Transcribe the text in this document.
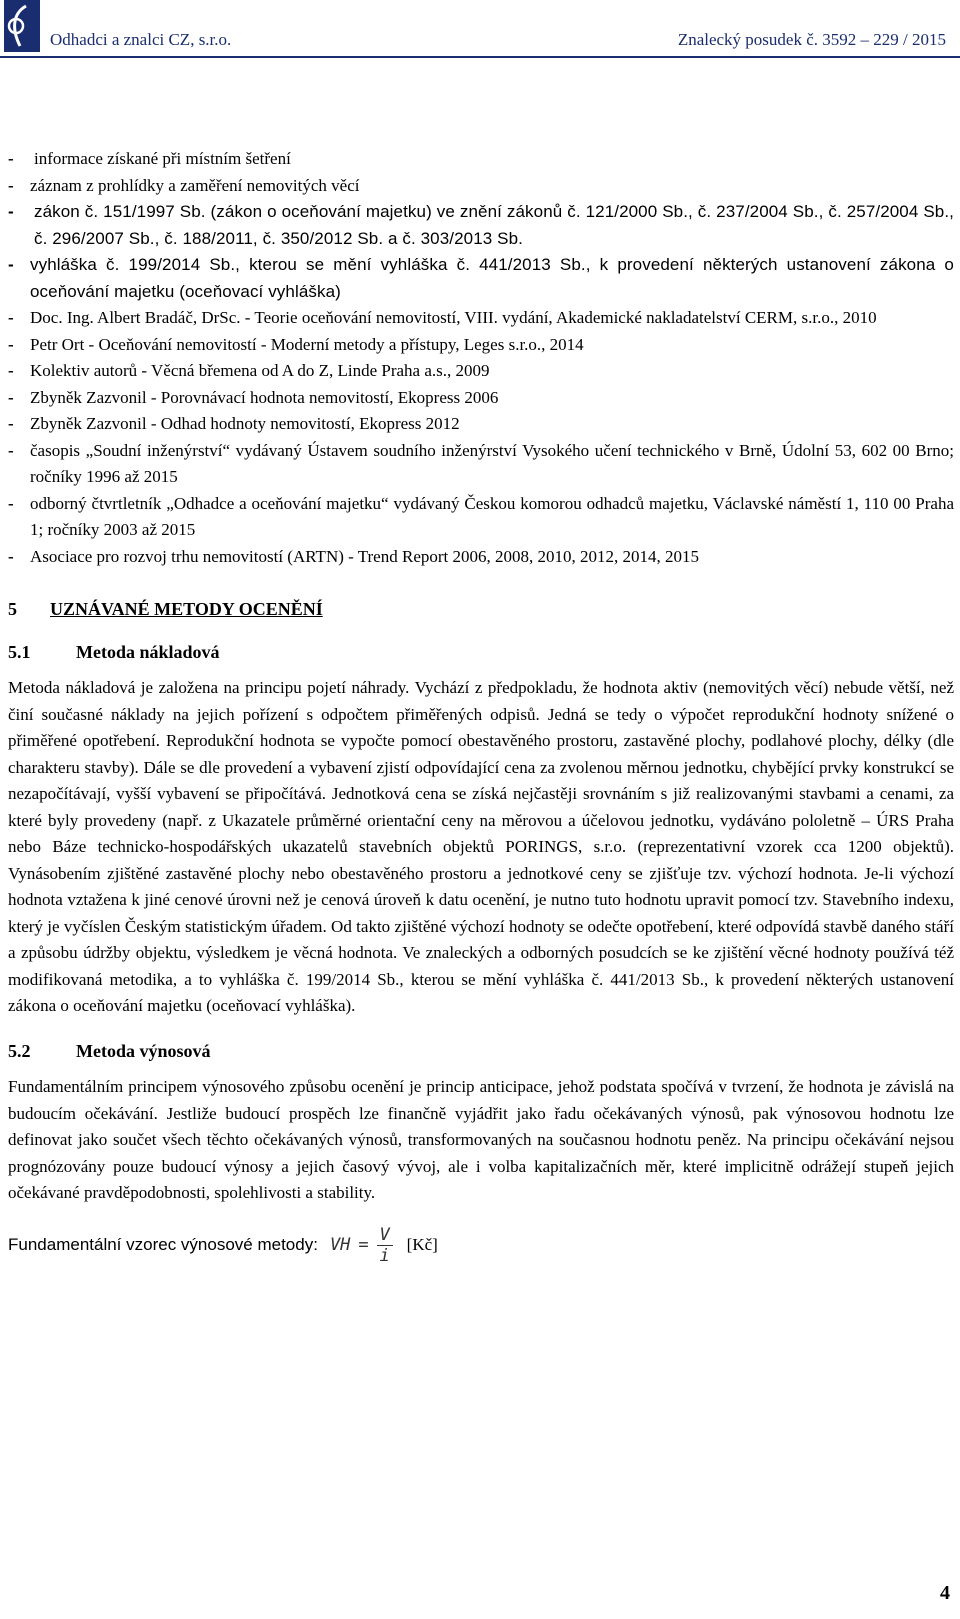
Odhadci a znalci CZ, s.r.o.	Znalecký posudek č. 3592 – 229 / 2015
- informace získané při místním šetření
- záznam z prohlídky a zaměření nemovitých věcí
- zákon č. 151/1997 Sb. (zákon o oceňování majetku) ve znění zákonů č. 121/2000 Sb., č. 237/2004 Sb., č. 257/2004 Sb., č. 296/2007 Sb., č. 188/2011, č. 350/2012 Sb. a č. 303/2013 Sb.
- vyhláška č. 199/2014 Sb., kterou se mění vyhláška č. 441/2013 Sb., k provedení některých ustanovení zákona o oceňování majetku (oceňovací vyhláška)
- Doc. Ing. Albert Bradáč, DrSc. - Teorie oceňování nemovitostí, VIII. vydání, Akademické nakladatelství CERM, s.r.o., 2010
- Petr Ort - Oceňování nemovitostí - Moderní metody a přístupy, Leges s.r.o., 2014
- Kolektiv autorů - Věcná břemena od A do Z, Linde Praha a.s., 2009
- Zbyněk Zazvonil - Porovnávací hodnota nemovitostí, Ekopress 2006
- Zbyněk Zazvonil - Odhad hodnoty nemovitostí, Ekopress 2012
- časopis „Soudní inženýrství“ vydávaný Ústavem soudního inženýrství Vysokého učení technického v Brně, Údolní 53, 602 00 Brno; ročníky 1996 až 2015
- odborný čtvrtletník „Odhadce a oceňování majetku“ vydávaný Českou komorou odhadců majetku, Václavské náměstí 1, 110 00 Praha 1; ročníky 2003 až 2015
- Asociace pro rozvoj trhu nemovitostí (ARTN) - Trend Report 2006, 2008, 2010, 2012, 2014, 2015
5	UZNÁVANÉ METODY OCENĚNÍ
5.1	Metoda nákladová

Metoda nákladová je založena na principu pojetí náhrady. Vychází z předpokladu, že hodnota aktiv (nemovitých věcí) nebude větší, než činí současné náklady na jejich pořízení s odpočtem přiměřených odpisů. Jedná se tedy o výpočet reprodukční hodnoty snížené o přiměřené opotřebení. Reprodukční hodnota se vypočte pomocí obestavěného prostoru, zastavěné plochy, podlahové plochy, délky (dle charakteru stavby). Dále se dle provedení a vybavení zjistí odpovídající cena za zvolenou měrnou jednotku, chybějící prvky konstrukcí se nezapočítávají, vyšší vybavení se připočítává. Jednotková cena se získá nejčastěji srovnáním s již realizovanými stavbami a cenami, za které byly provedeny (např. z Ukazatele průměrné orientační ceny na měrovou a účelovou jednotku, vydáváno pololetně – ÚRS Praha nebo Báze technicko-hospodářských ukazatelů stavebních objektů PORINGS, s.r.o. (reprezentativní vzorek cca 1200 objektů). Vynásobením zjištěné zastavěné plochy nebo obestavěného prostoru a jednotkové ceny se zjišťuje tzv. výchozí hodnota. Je-li výchozí hodnota vztažena k jiné cenové úrovni než je cenová úroveň k datu ocenění, je nutno tuto hodnotu upravit pomocí tzv. Stavebního indexu, který je vyčíslen Českým statistickým úřadem. Od takto zjištěné výchozí hodnoty se odečte opotřebení, které odpovídá stavbě daného stáří a způsobu údržby objektu, výsledkem je věcná hodnota. Ve znaleckých a odborných posudcích se ke zjištění věcné hodnoty používá též modifikovaná metodika, a to vyhláška č. 199/2014 Sb., kterou se mění vyhláška č. 441/2013 Sb., k provedení některých ustanovení zákona o oceňování majetku (oceňovací vyhláška).

5.2	Metoda výnosová

Fundamentálním principem výnosového způsobu ocenění je princip anticipace, jehož podstata spočívá v tvrzení, že hodnota je závislá na budoucím očekávání. Jestliže budoucí prospěch lze finančně vyjádřit jako řadu očekávaných výnosů, pak výnosovou hodnotu lze definovat jako součet všech těchto očekávaných výnosů, transformovaných na současnou hodnotu peněz. Na principu očekávání nejsou prognózovány pouze budoucí výnosy a jejich časový vývoj, ale i volba kapitalizačních měr, které implicitně odrážejí stupeň jejich očekávané pravděpodobnosti, spolehlivosti a stability.

Fundamentální vzorec výnosové metody: VH = $\frac{V}{i}$ [Kč]
4
